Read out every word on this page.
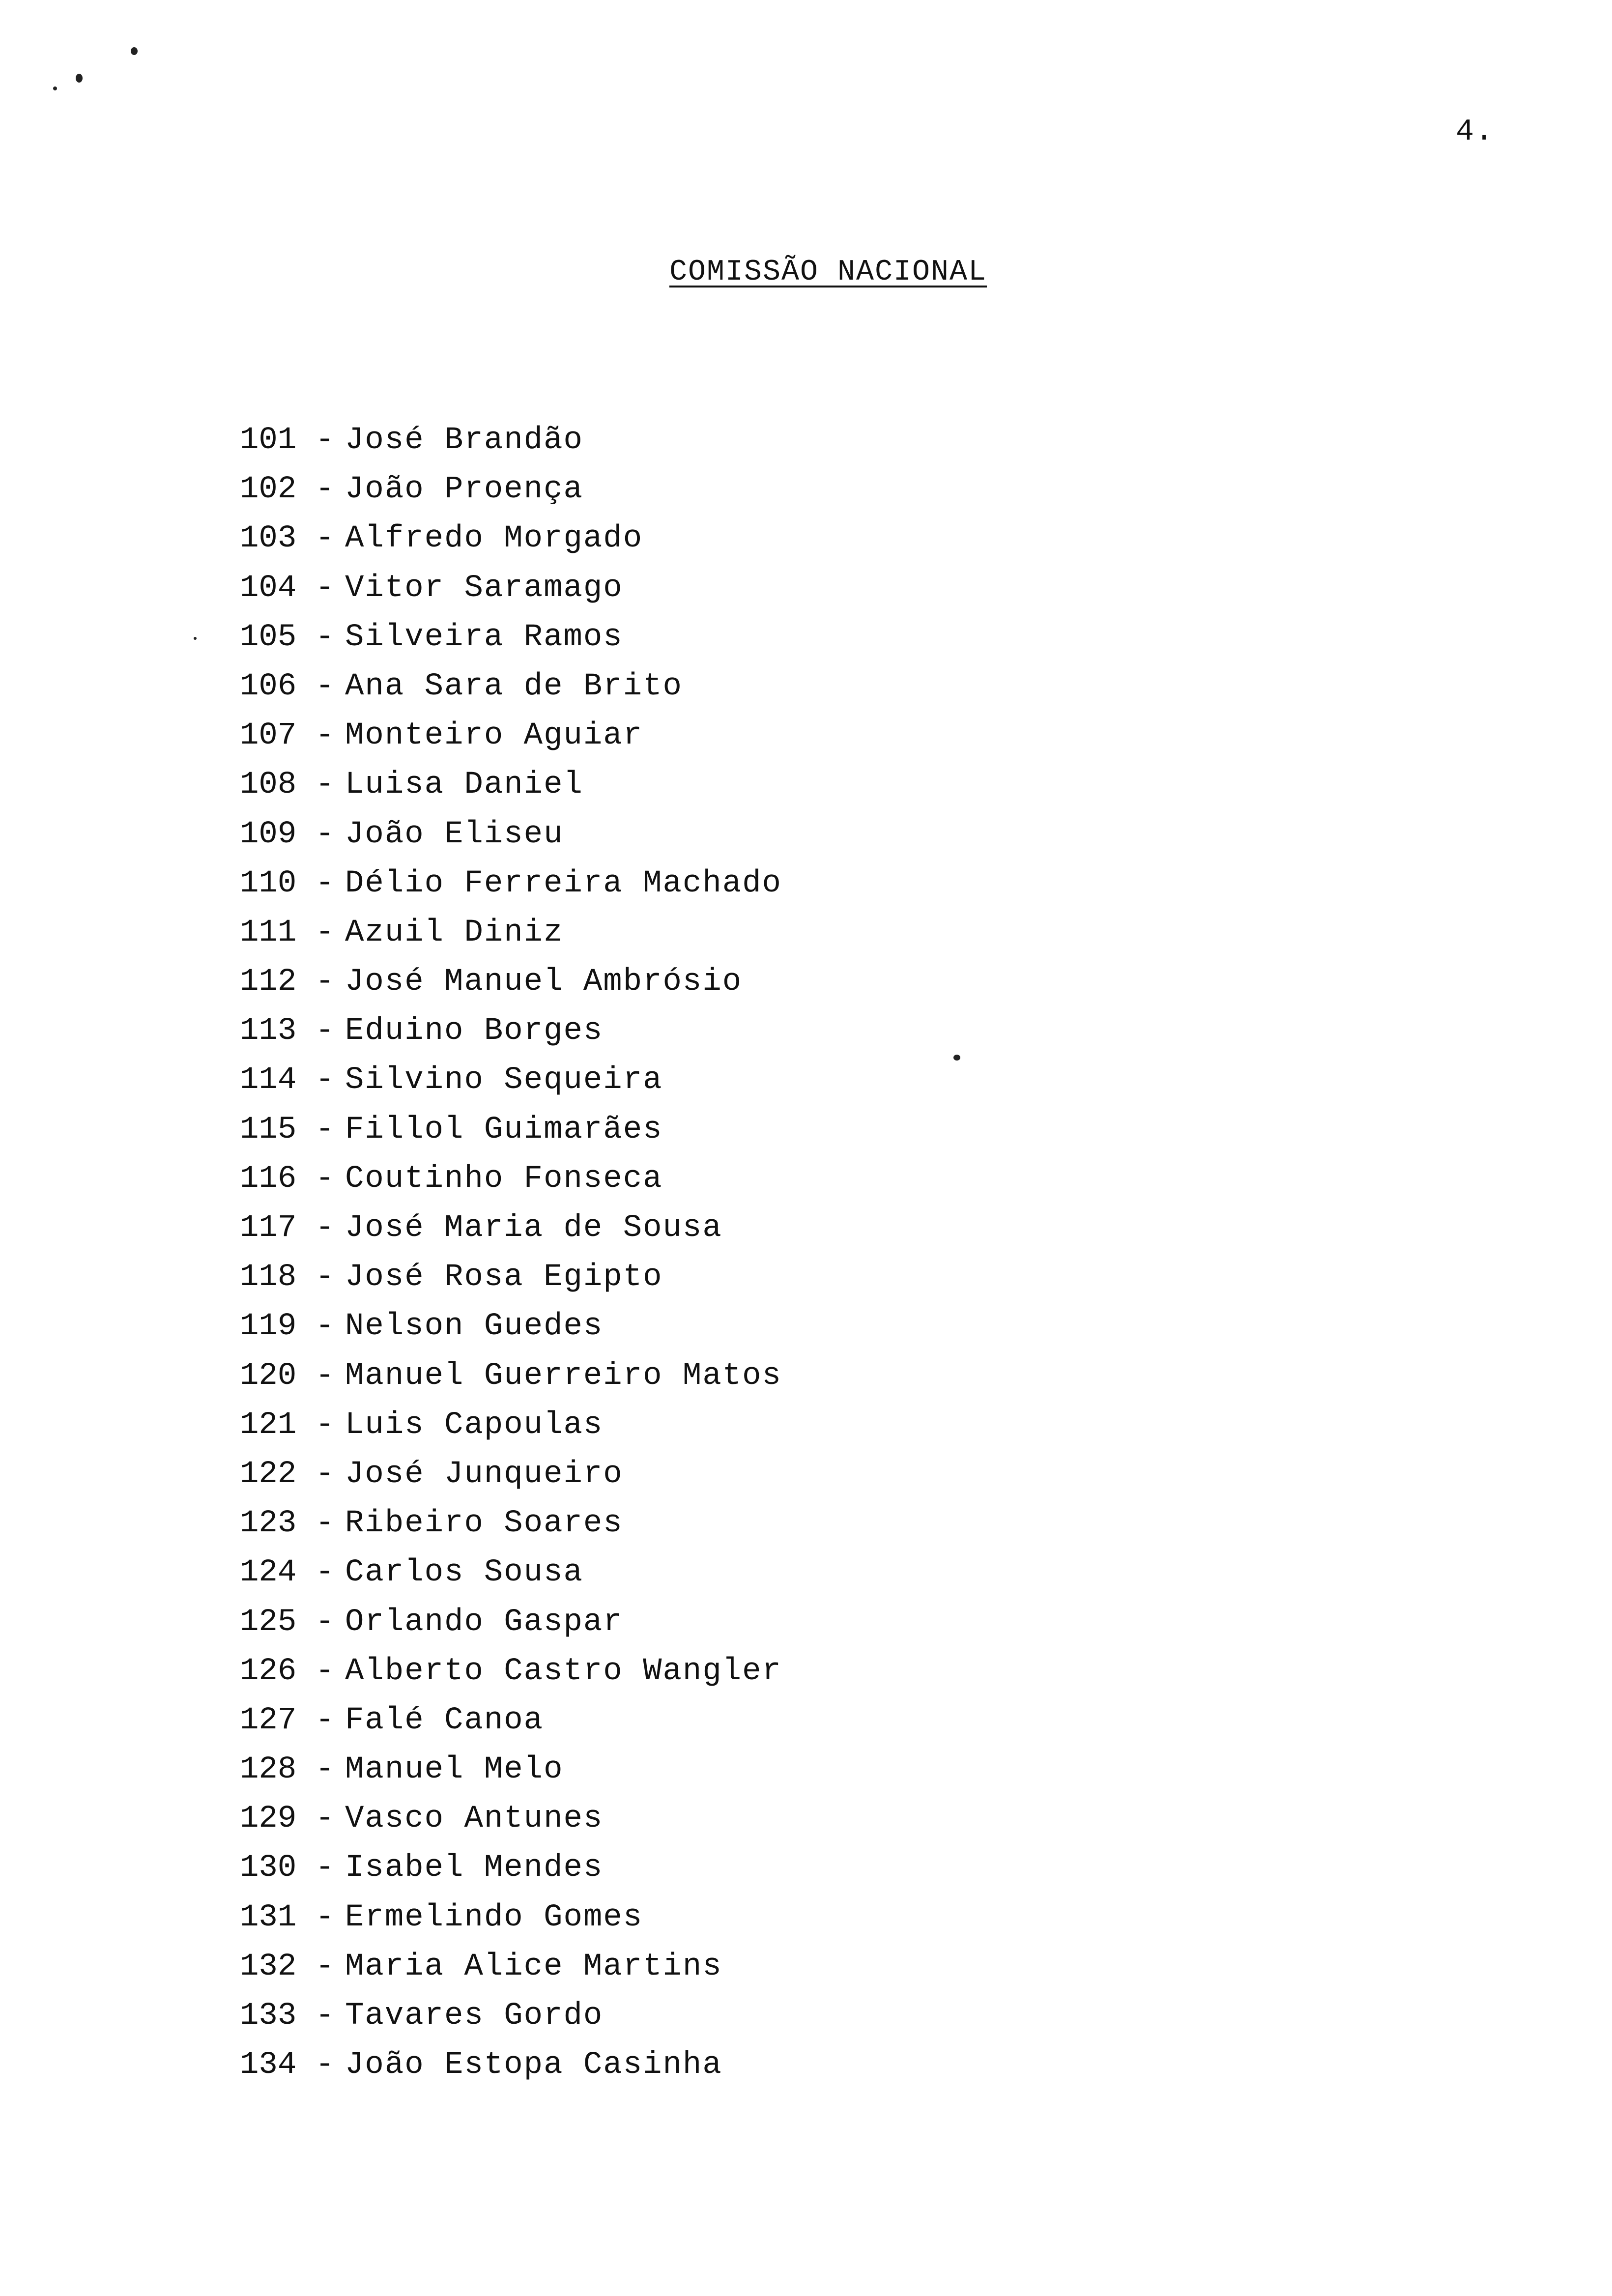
4.
COMISSÃO NACIONAL
101 - José Brandão
102 - João Proença
103 - Alfredo Morgado
104 - Vitor Saramago
105 - Silveira Ramos
106 - Ana Sara de Brito
107 - Monteiro Aguiar
108 - Luisa Daniel
109 - João Eliseu
110 - Délio Ferreira Machado
111 - Azuil Diniz
112 - José Manuel Ambrósio
113 - Eduino Borges
114 - Silvino Sequeira
115 - Fillol Guimarães
116 - Coutinho Fonseca
117 - José Maria de Sousa
118 - José Rosa Egipto
119 - Nelson Guedes
120 - Manuel Guerreiro Matos
121 - Luis Capoulas
122 - José Junqueiro
123 - Ribeiro Soares
124 - Carlos Sousa
125 - Orlando Gaspar
126 - Alberto Castro Wangler
127 - Falé Canoa
128 - Manuel Melo
129 - Vasco Antunes
130 - Isabel Mendes
131 - Ermelindo Gomes
132 - Maria Alice Martins
133 - Tavares Gordo
134 - João Estopa Casinha
